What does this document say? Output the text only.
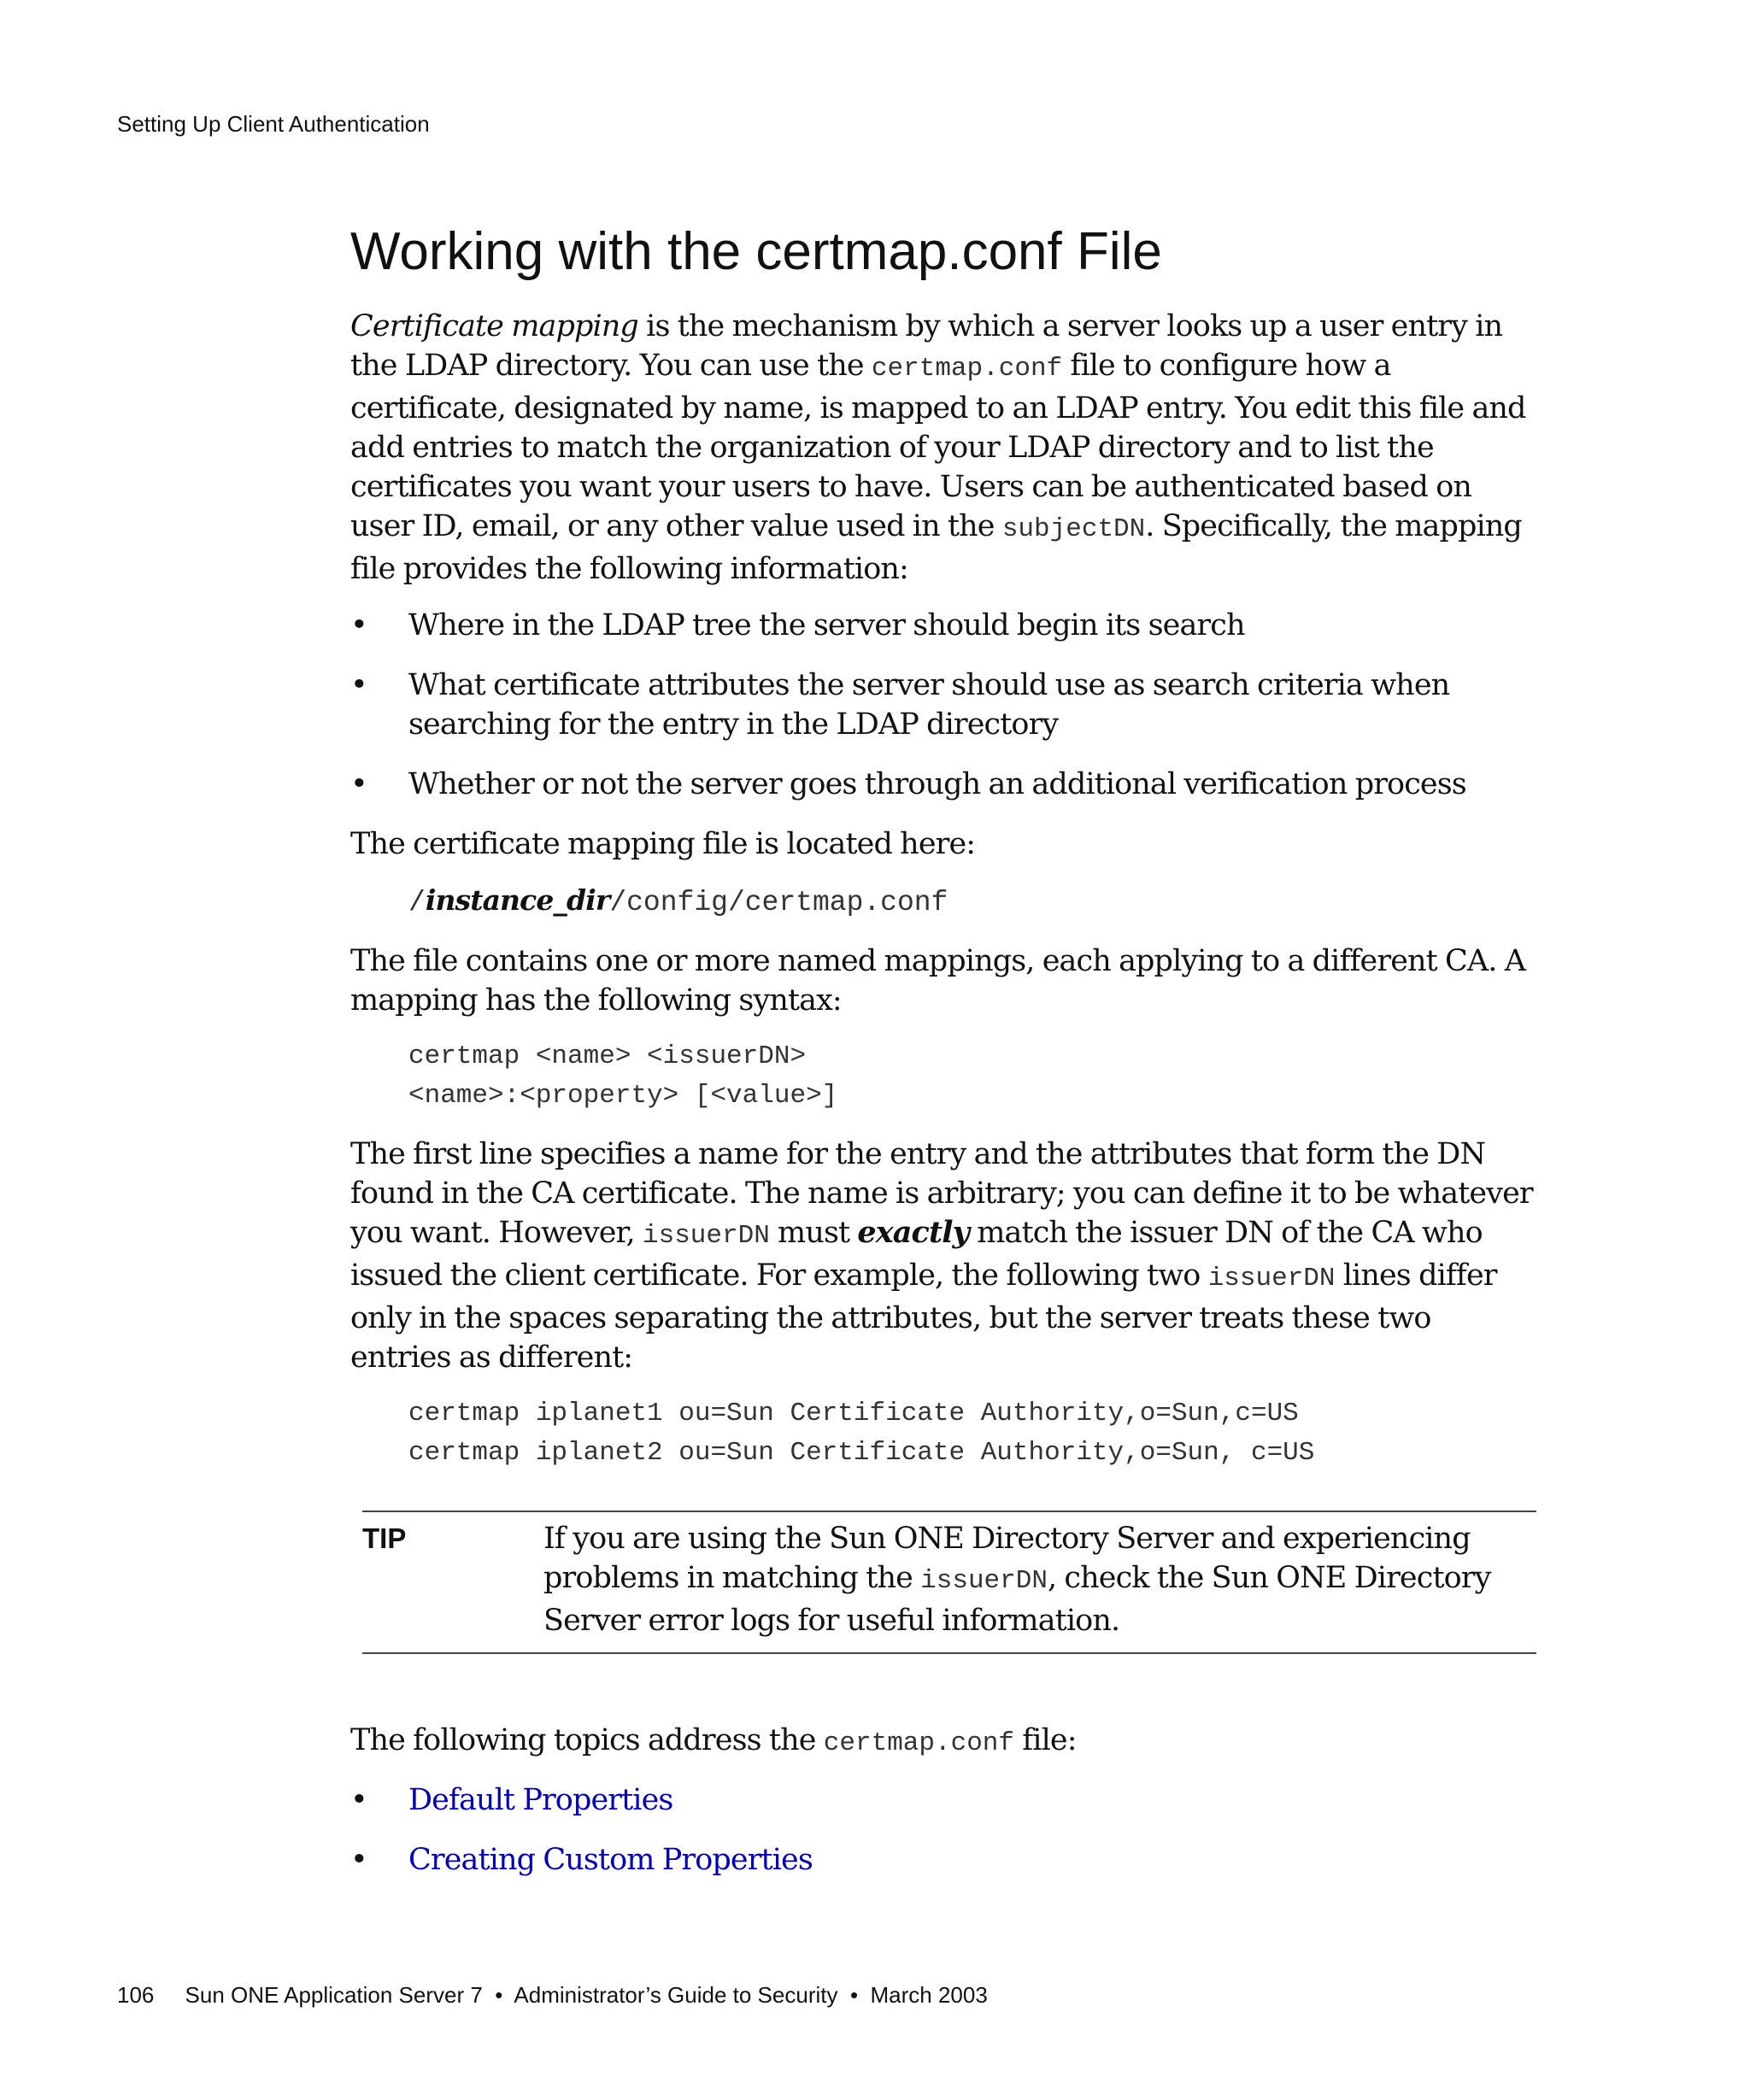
Setting Up Client Authentication
Working with the certmap.conf File

Certificate mapping is the mechanism by which a server looks up a user entry in the LDAP directory. You can use the certmap.conf file to configure how a certificate, designated by name, is mapped to an LDAP entry. You edit this file and add entries to match the organization of your LDAP directory and to list the certificates you want your users to have. Users can be authenticated based on user ID, email, or any other value used in the subjectDN. Specifically, the mapping file provides the following information:

• Where in the LDAP tree the server should begin its search
• What certificate attributes the server should use as search criteria when searching for the entry in the LDAP directory
• Whether or not the server goes through an additional verification process

The certificate mapping file is located here:

/instance_dir/config/certmap.conf

The file contains one or more named mappings, each applying to a different CA. A mapping has the following syntax:

certmap <name> <issuerDN>
<name>:<property> [<value>]

The first line specifies a name for the entry and the attributes that form the DN found in the CA certificate. The name is arbitrary; you can define it to be whatever you want. However, issuerDN must exactly match the issuer DN of the CA who issued the client certificate. For example, the following two issuerDN lines differ only in the spaces separating the attributes, but the server treats these two entries as different:

certmap iplanet1 ou=Sun Certificate Authority,o=Sun,c=US
certmap iplanet2 ou=Sun Certificate Authority,o=Sun, c=US
TIP	If you are using the Sun ONE Directory Server and experiencing problems in matching the issuerDN, check the Sun ONE Directory Server error logs for useful information.

The following topics address the certmap.conf file:

• Default Properties
• Creating Custom Properties
106 Sun ONE Application Server 7 • Administrator’s Guide to Security • March 2003
